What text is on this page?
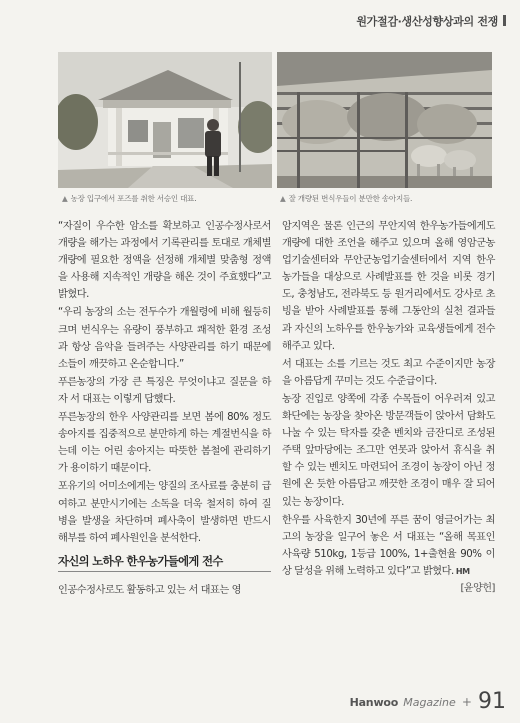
원가절감·생산성향상과의 전쟁
▲ 농장 입구에서 포즈를 취한 서승인 대표.	▲ 잘 개량된 번식우들이 분만한 송아지들.

“자질이 우수한 암소를 확보하고 인공수정사로서 개량을 해가는 과정에서 기록관리를 토대로 개체별 개량에 필요한 정액을 선정해 개체별 맞춤형 정액을 사용해 지속적인 개량을 해온 것이 주효했다”고 밝혔다.

“우리 농장의 소는 전두수가 개월령에 비해 월등히 크며 번식우는 유량이 풍부하고 쾌적한 환경 조성과 항상 음악을 들려주는 사양관리를 하기 때문에 소들이 깨끗하고 온순합니다.”

푸른농장의 가장 큰 특징은 무엇이냐고 질문을 하자 서 대표는 이렇게 답했다.

푸른농장의 한우 사양관리를 보면 봄에 80% 정도 송아지를 집중적으로 분만하게 하는 계절번식을 하는데 이는 어린 송아지는 따뜻한 봄철에 관리하기가 용이하기 때문이다.

포유기의 어미소에게는 양질의 조사료를 충분히 급여하고 분만시기에는 소독을 더욱 철저히 하여 질병을 발생을 차단하며 폐사축이 발생하면 반드시 해부를 하여 폐사원인을 분석한다.

자신의 노하우 한우농가들에게 전수

인공수정사로도 활동하고 있는 서 대표는 영

암지역은 물론 인근의 무안지역 한우농가들에게도 개량에 대한 조언을 해주고 있으며 올해 영암군농업기술센터와 무안군농업기술센터에서 지역 한우농가들을 대상으로 사례발표를 한 것을 비롯 경기도, 충청남도, 전라북도 등 원거리에서도 강사로 초빙을 받아 사례발표를 통해 그동안의 실천 결과들과 자신의 노하우를 한우농가와 교육생들에게 전수해주고 있다.

서 대표는 소를 기르는 것도 최고 수준이지만 농장을 아름답게 꾸미는 것도 수준급이다.

농장 진입로 양쪽에 각종 수목들이 어우러져 있고 화단에는 농장을 찾아온 방문객들이 앉아서 담화도 나눌 수 있는 탁자를 갖춘 벤치와 금잔디로 조성된 주택 앞마당에는 조그만 연못과 앉아서 휴식을 취할 수 있는 벤치도 마련되어 조경이 농장이 아닌 정원에 온 듯한 아름답고 깨끗한 조경이 매우 잘 되어 있는 농장이다.

한우를 사육한지 30년에 푸른 꿈이 영글어가는 최고의 농장을 일구어 놓은 서 대표는 “올해 목표인 사육량 510kg, 1등급 100%, 1+출현율 90% 이상 달성을 위해 노력하고 있다”고 밝혔다. HM
[윤양헌]

Hanwoo Magazine + 91
